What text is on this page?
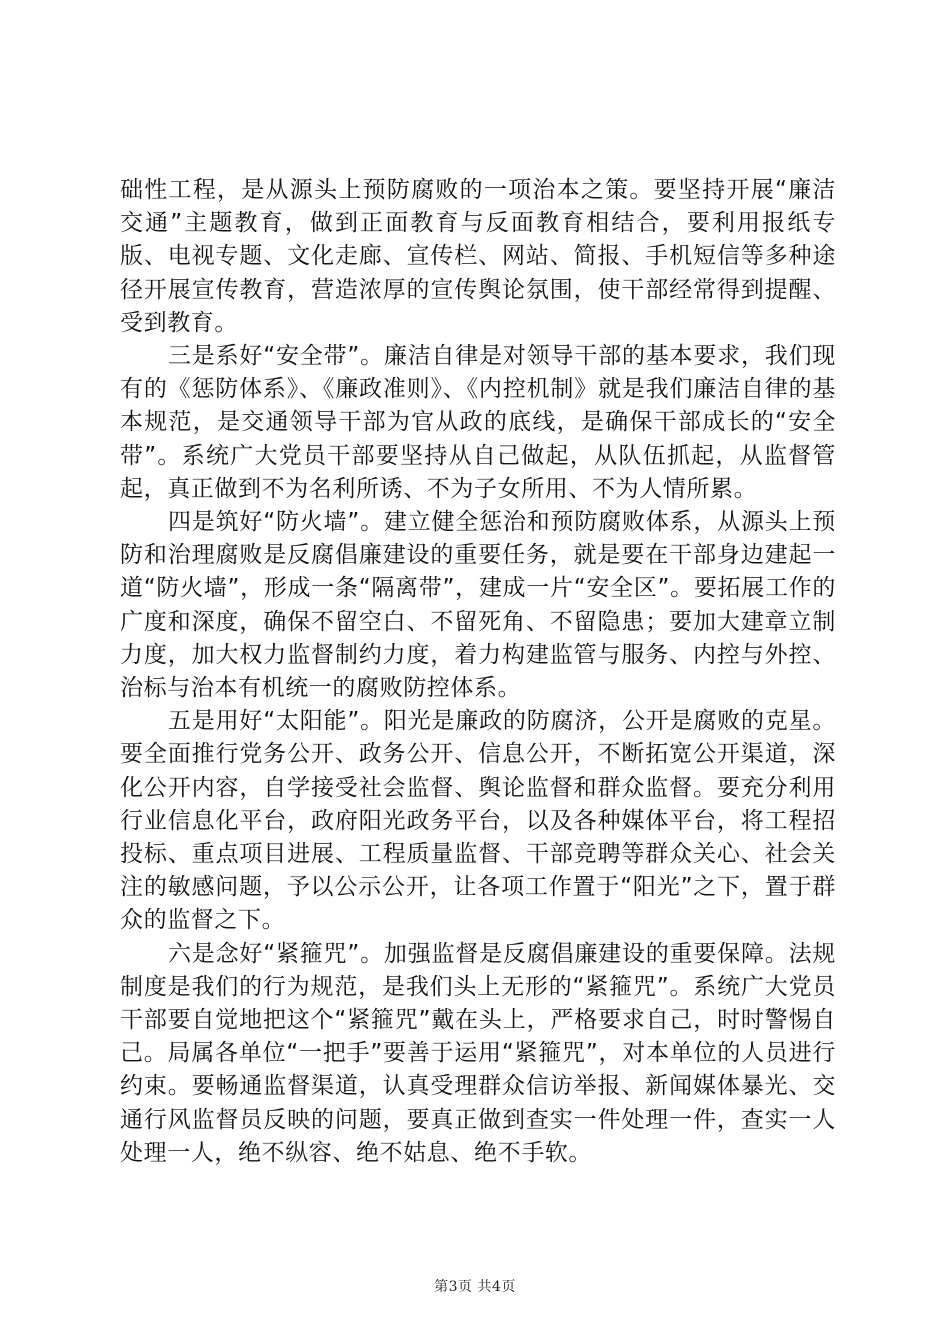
础性工程，是从源头上预防腐败的一项治本之策。要坚持开展“廉洁交通”主题教育，做到正面教育与反面教育相结合，要利用报纸专版、电视专题、文化走廊、宣传栏、网站、简报、手机短信等多种途径开展宣传教育，营造浓厚的宣传舆论氛围，使干部经常得到提醒、受到教育。

三是系好“安全带”。廉洁自律是对领导干部的基本要求，我们现有的《惩防体系》、《廉政准则》、《内控机制》就是我们廉洁自律的基本规范，是交通领导干部为官从政的底线，是确保干部成长的“安全带”。系统广大党员干部要坚持从自己做起，从队伍抓起，从监督管起，真正做到不为名利所诱、不为子女所用、不为人情所累。

四是筑好“防火墙”。建立健全惩治和预防腐败体系，从源头上预防和治理腐败是反腐倡廉建设的重要任务，就是要在干部身边建起一道“防火墙”，形成一条“隔离带”，建成一片“安全区”。要拓展工作的广度和深度，确保不留空白、不留死角、不留隐患；要加大建章立制力度，加大权力监督制约力度，着力构建监管与服务、内控与外控、治标与治本有机统一的腐败防控体系。

五是用好“太阳能”。阳光是廉政的防腐济，公开是腐败的克星。要全面推行党务公开、政务公开、信息公开，不断拓宽公开渠道，深化公开内容，自学接受社会监督、舆论监督和群众监督。要充分利用行业信息化平台，政府阳光政务平台，以及各种媒体平台，将工程招投标、重点项目进展、工程质量监督、干部竞聘等群众关心、社会关注的敏感问题，予以公示公开，让各项工作置于“阳光”之下，置于群众的监督之下。

六是念好“紧箍咒”。加强监督是反腐倡廉建设的重要保障。法规制度是我们的行为规范，是我们头上无形的“紧箍咒”。系统广大党员干部要自觉地把这个“紧箍咒”戴在头上，严格要求自己，时时警惕自己。局属各单位“一把手”要善于运用“紧箍咒”，对本单位的人员进行约束。要畅通监督渠道，认真受理群众信访举报、新闻媒体暴光、交通行风监督员反映的问题，要真正做到查实一件处理一件，查实一人处理一人，绝不纵容、绝不姑息、绝不手软。

第3页 共4页
